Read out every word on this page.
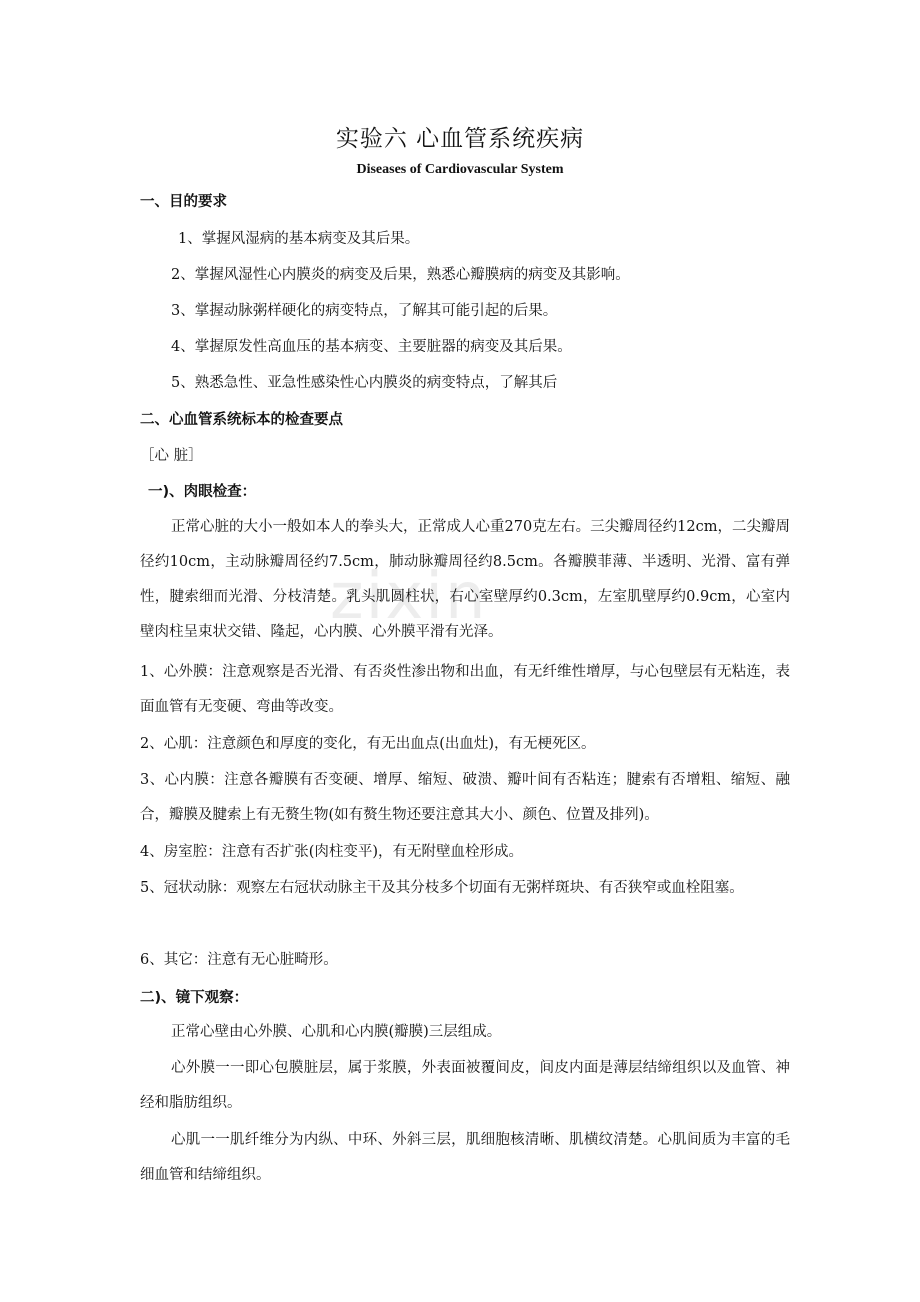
zixin
实验六 心血管系统疾病
Diseases of Cardiovascular System
一、目的要求
1、掌握风湿病的基本病变及其后果。
2、掌握风湿性心内膜炎的病变及后果，熟悉心瓣膜病的病变及其影响。
3、掌握动脉粥样硬化的病变特点，了解其可能引起的后果。
4、掌握原发性高血压的基本病变、主要脏器的病变及其后果。
5、熟悉急性、亚急性感染性心内膜炎的病变特点，了解其后
二、心血管系统标本的检查要点
［心 脏］
一)、肉眼检查：
正常心脏的大小一般如本人的拳头大，正常成人心重270克左右。三尖瓣周径约12cm，二尖瓣周径约10cm，主动脉瓣周径约7.5cm，肺动脉瓣周径约8.5cm。各瓣膜菲薄、半透明、光滑、富有弹性，腱索细而光滑、分枝清楚。乳头肌圆柱状，右心室壁厚约0.3cm，左室肌壁厚约0.9cm，心室内壁肉柱呈束状交错、隆起，心内膜、心外膜平滑有光泽。
1、心外膜：注意观察是否光滑、有否炎性渗出物和出血，有无纤维性增厚，与心包壁层有无粘连，表面血管有无变硬、弯曲等改变。
2、心肌：注意颜色和厚度的变化，有无出血点(出血灶)，有无梗死区。
3、心内膜：注意各瓣膜有否变硬、增厚、缩短、破溃、瓣叶间有否粘连；腱索有否增粗、缩短、融合，瓣膜及腱索上有无赘生物(如有赘生物还要注意其大小、颜色、位置及排列)。
4、房室腔：注意有否扩张(肉柱变平)，有无附壁血栓形成。
5、冠状动脉：观察左右冠状动脉主干及其分枝多个切面有无粥样斑块、有否狭窄或血栓阻塞。
6、其它：注意有无心脏畸形。
二)、镜下观察：
正常心壁由心外膜、心肌和心内膜(瓣膜)三层组成。
心外膜一一即心包膜脏层，属于浆膜，外表面被覆间皮，间皮内面是薄层结缔组织以及血管、神经和脂肪组织。
心肌一一肌纤维分为内纵、中环、外斜三层，肌细胞核清晰、肌横纹清楚。心肌间质为丰富的毛细血管和结缔组织。
